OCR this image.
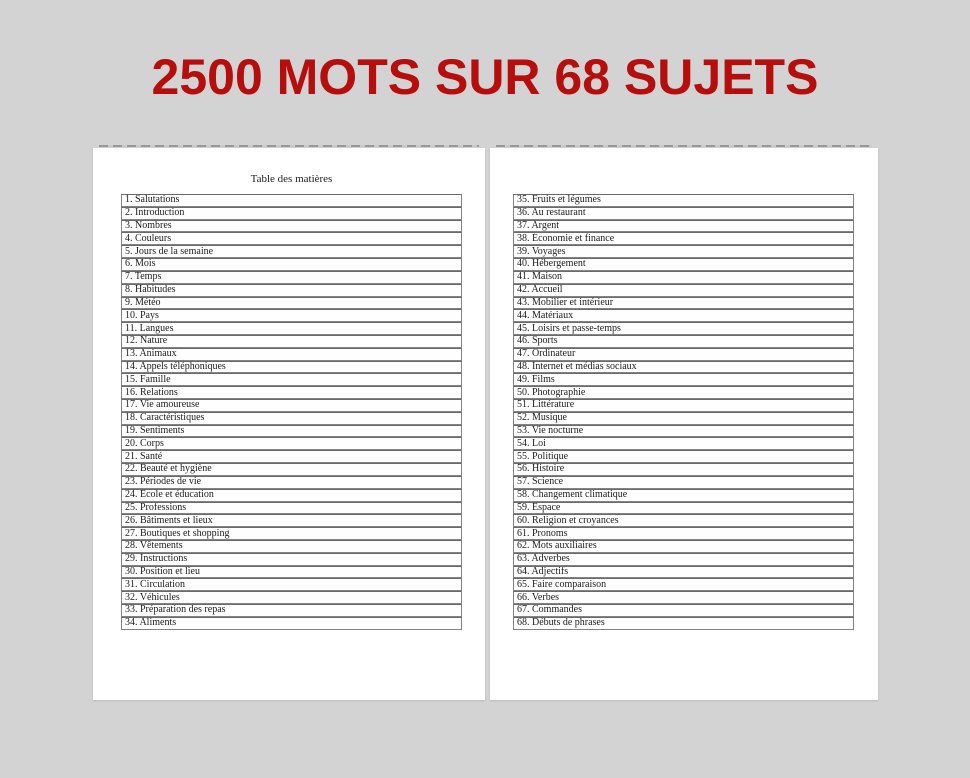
2500 MOTS SUR 68 SUJETS
Table des matières
1. Salutations
2. Introduction
3. Nombres
4. Couleurs
5. Jours de la semaine
6. Mois
7. Temps
8. Habitudes
9. Météo
10. Pays
11. Langues
12. Nature
13. Animaux
14. Appels téléphoniques
15. Famille
16. Relations
17. Vie amoureuse
18. Caractéristiques
19. Sentiments
20. Corps
21. Santé
22. Beauté et hygiène
23. Périodes de vie
24. École et éducation
25. Professions
26. Bâtiments et lieux
27. Boutiques et shopping
28. Vêtements
29. Instructions
30. Position et lieu
31. Circulation
32. Véhicules
33. Préparation des repas
34. Aliments
35. Fruits et légumes
36. Au restaurant
37. Argent
38. Économie et finance
39. Voyages
40. Hébergement
41. Maison
42. Accueil
43. Mobilier et intérieur
44. Matériaux
45. Loisirs et passe-temps
46. Sports
47. Ordinateur
48. Internet et médias sociaux
49. Films
50. Photographie
51. Littérature
52. Musique
53. Vie nocturne
54. Loi
55. Politique
56. Histoire
57. Science
58. Changement climatique
59. Espace
60. Religion et croyances
61. Pronoms
62. Mots auxiliaires
63. Adverbes
64. Adjectifs
65. Faire comparaison
66. Verbes
67. Commandes
68. Débuts de phrases
